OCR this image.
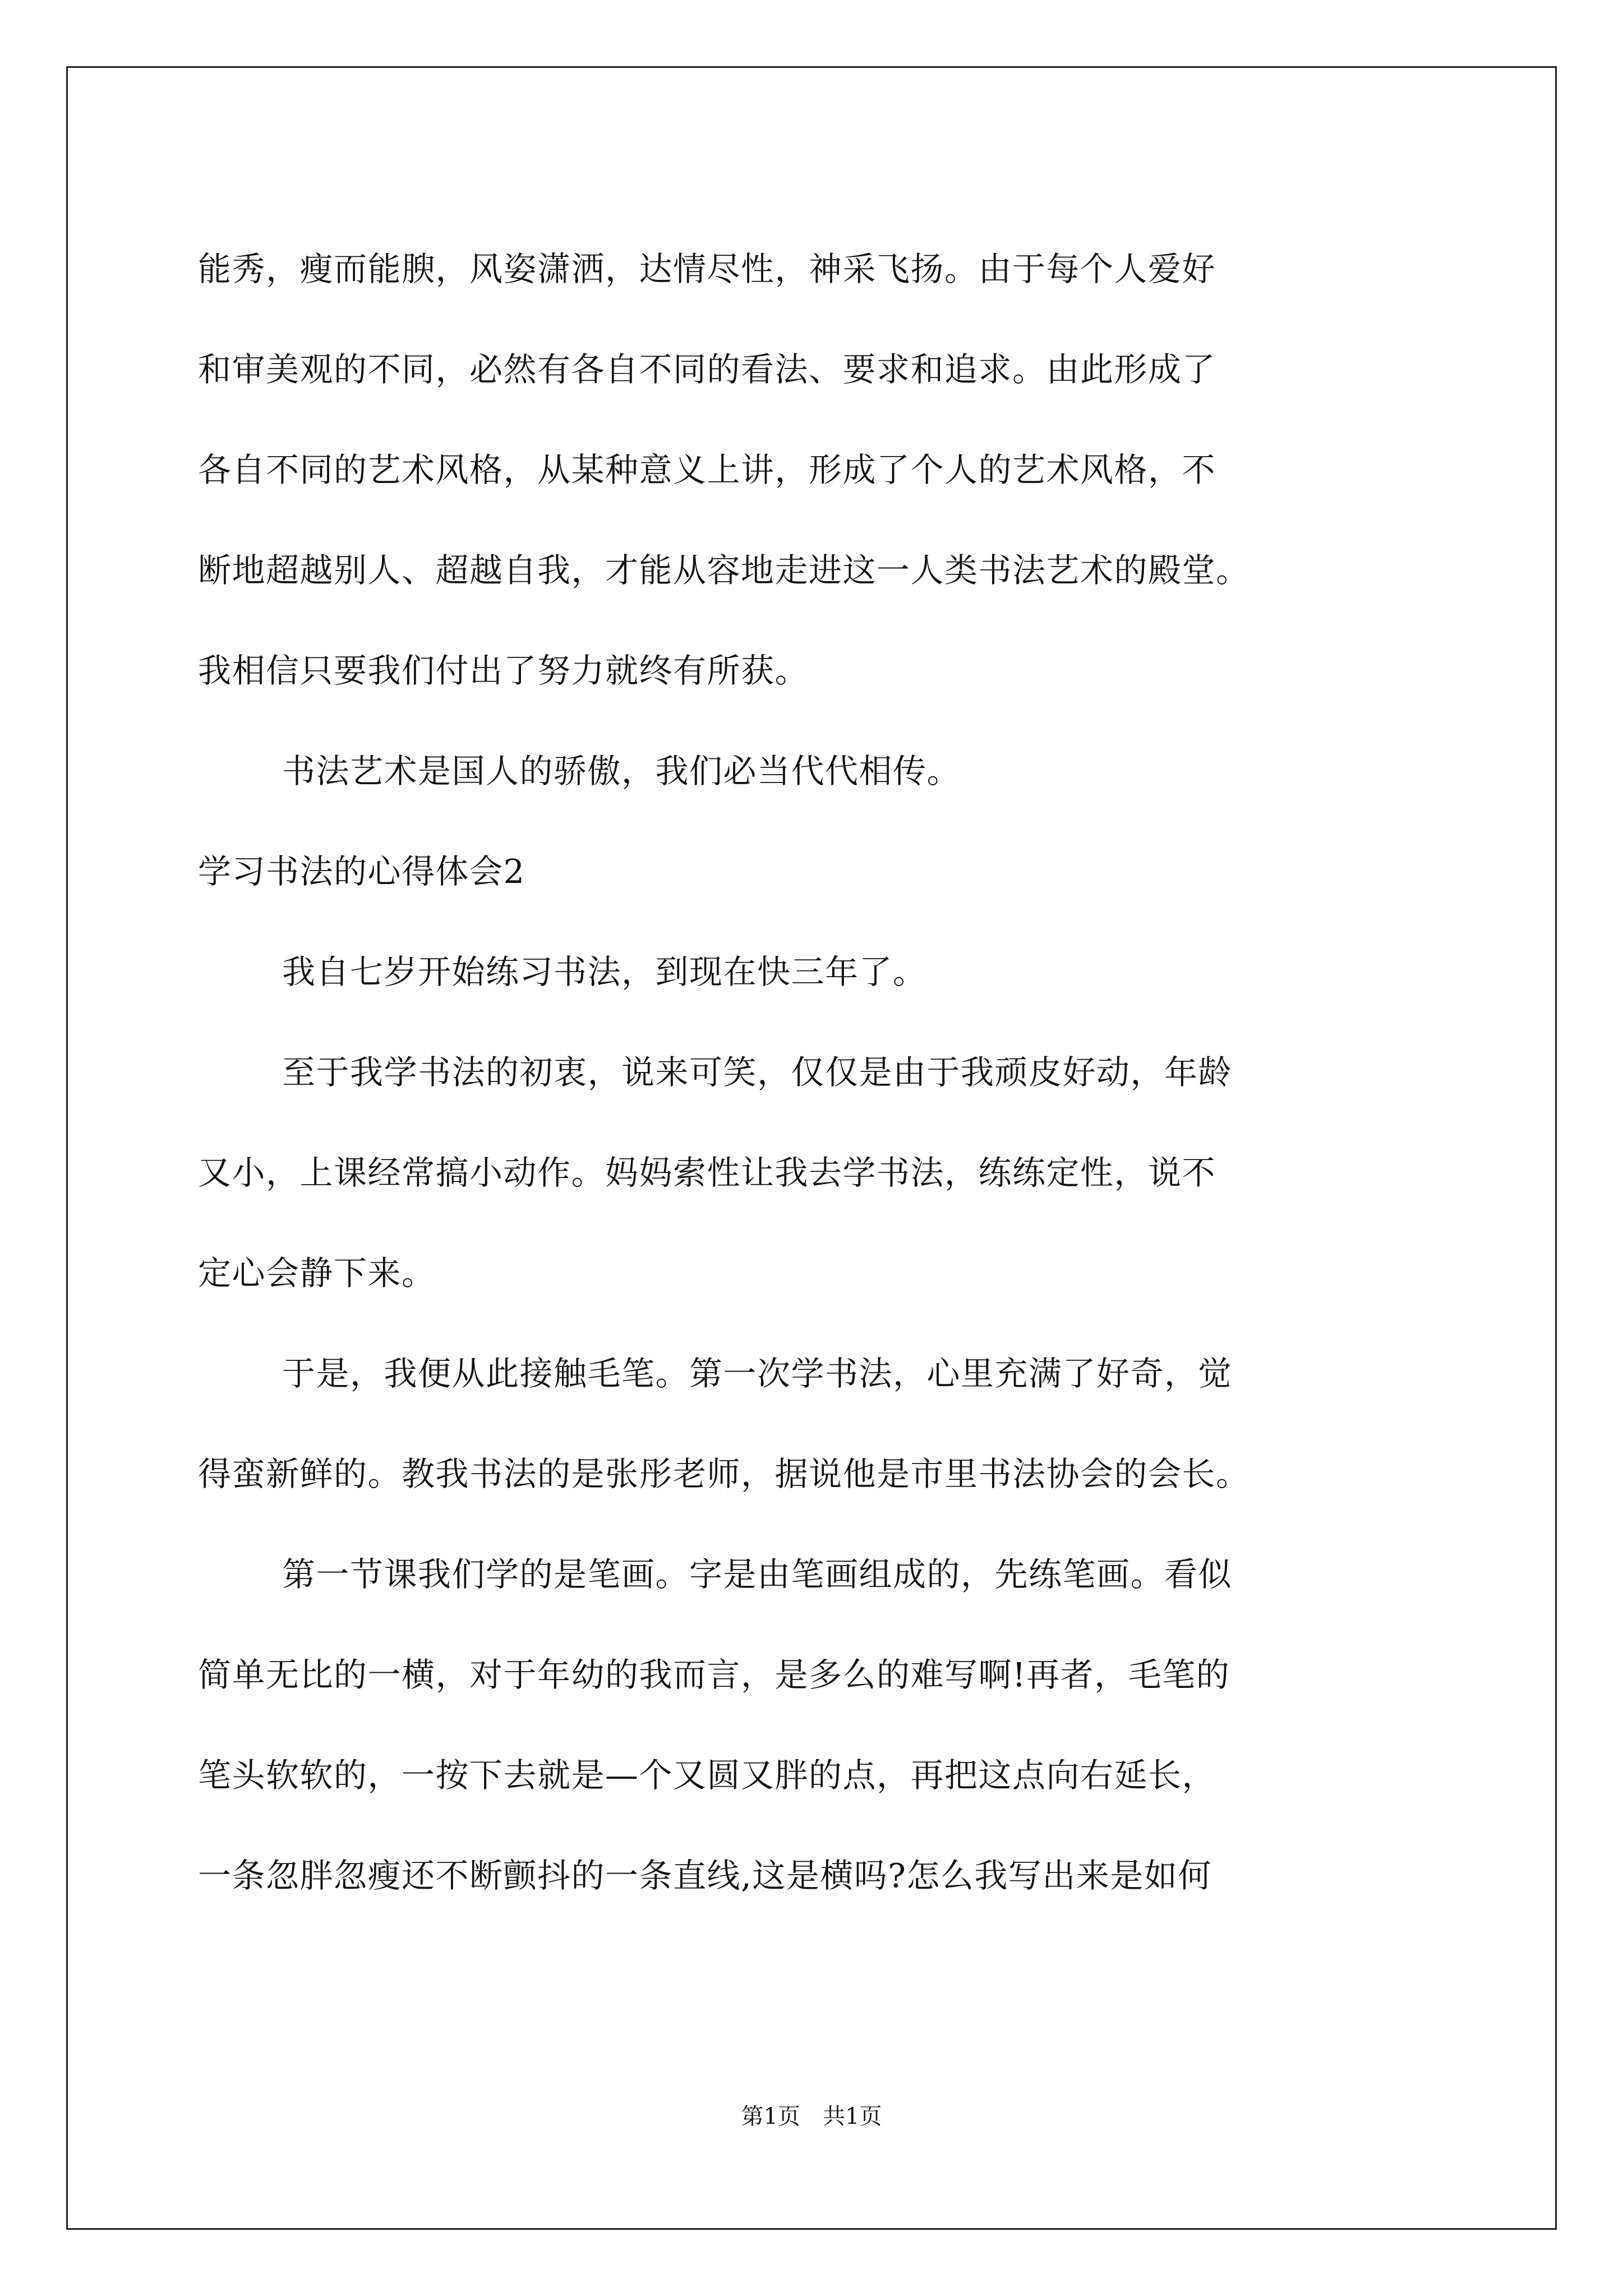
能秀，瘦而能腴，风姿潇洒，达情尽性，神采飞扬。由于每个人爱好

和审美观的不同，必然有各自不同的看法、要求和追求。由此形成了

各自不同的艺术风格，从某种意义上讲，形成了个人的艺术风格，不

断地超越别人、超越自我，才能从容地走进这一人类书法艺术的殿堂。

我相信只要我们付出了努力就终有所获。

书法艺术是国人的骄傲，我们必当代代相传。

学习书法的心得体会2

我自七岁开始练习书法，到现在快三年了。

至于我学书法的初衷，说来可笑，仅仅是由于我顽皮好动，年龄

又小，上课经常搞小动作。妈妈索性让我去学书法，练练定性，说不

定心会静下来。

于是，我便从此接触毛笔。第一次学书法，心里充满了好奇，觉

得蛮新鲜的。教我书法的是张彤老师，据说他是市里书法协会的会长。

第一节课我们学的是笔画。字是由笔画组成的，先练笔画。看似

简单无比的一横，对于年幼的我而言，是多么的难写啊!再者，毛笔的

笔头软软的，一按下去就是—个又圆又胖的点，再把这点向右延长，

一条忽胖忽瘦还不断颤抖的一条直线,这是横吗?怎么我写出来是如何

第1页　共1页
